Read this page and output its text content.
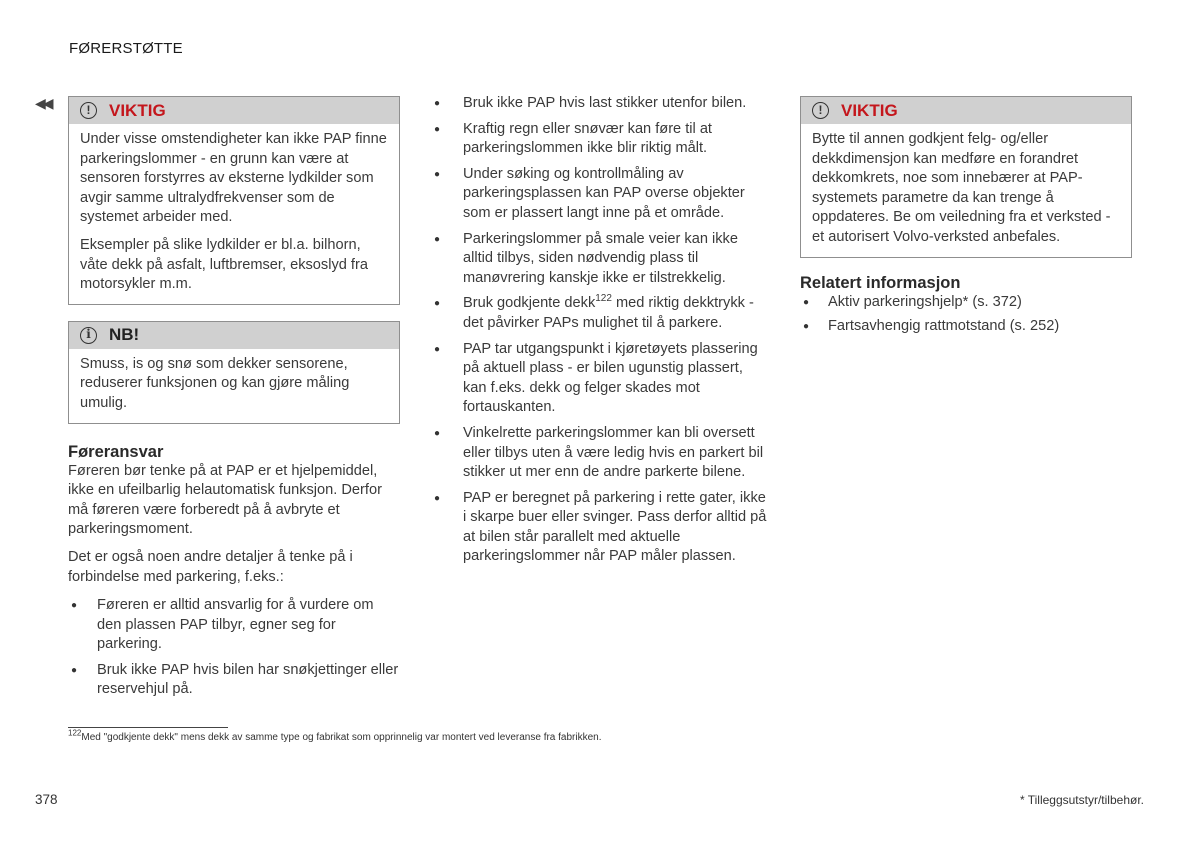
FØRERSTØTTE
◀◀	!	VIKTIG

Under visse omstendigheter kan ikke PAP finne parkeringslommer - en grunn kan være at sensoren forstyrres av eksterne lydkilder som avgir samme ultralydfrekvenser som de systemet arbeider med.

Eksempler på slike lydkilder er bl.a. bilhorn, våte dekk på asfalt, luftbremser, eksoslyd fra motorsykler m.m.

i	NB!

Smuss, is og snø som dekker sensorene, reduserer funksjonen og kan gjøre måling umulig.

Føreransvar

Føreren bør tenke på at PAP er et hjelpemiddel, ikke en ufeilbarlig helautomatisk funksjon. Derfor må føreren være forberedt på å avbryte et parkeringsmoment.

Det er også noen andre detaljer å tenke på i forbindelse med parkering, f.eks.:

● Føreren er alltid ansvarlig for å vurdere om den plassen PAP tilbyr, egner seg for parkering.
● Bruk ikke PAP hvis bilen har snøkjettinger eller reservehjul på.
● Bruk ikke PAP hvis last stikker utenfor bilen.
● Kraftig regn eller snøvær kan føre til at parkeringslommen ikke blir riktig målt.
● Under søking og kontrollmåling av parkeringsplassen kan PAP overse objekter som er plassert langt inne på et område.
● Parkeringslommer på smale veier kan ikke alltid tilbys, siden nødvendig plass til manøvrering kanskje ikke er tilstrekkelig.
● Bruk godkjente dekk$^{122}$ med riktig dekktrykk - det påvirker PAPs mulighet til å parkere.
● PAP tar utgangspunkt i kjøretøyets plassering på aktuell plass - er bilen ugunstig plassert, kan f.eks. dekk og felger skades mot fortauskanten.
● Vinkelrette parkeringslommer kan bli oversett eller tilbys uten å være ledig hvis en parkert bil stikker ut mer enn de andre parkerte bilene.
● PAP er beregnet på parkering i rette gater, ikke i skarpe buer eller svinger. Pass derfor alltid på at bilen står parallelt med aktuelle parkeringslommer når PAP måler plassen.
!	VIKTIG

Bytte til annen godkjent felg- og/eller dekkdimensjon kan medføre en forandret dekkomkrets, noe som innebærer at PAP-systemets parametre da kan trenge å oppdateres. Be om veiledning fra et verksted - et autorisert Volvo-verksted anbefales.

Relatert informasjon
● Aktiv parkeringshjelp* (s. 372)
● Fartsavhengig rattmotstand (s. 252)
$^{122}$Med "godkjente dekk" mens dekk av samme type og fabrikat som opprinnelig var montert ved leveranse fra fabrikken.
378	* Tilleggsutstyr/tilbehør.
